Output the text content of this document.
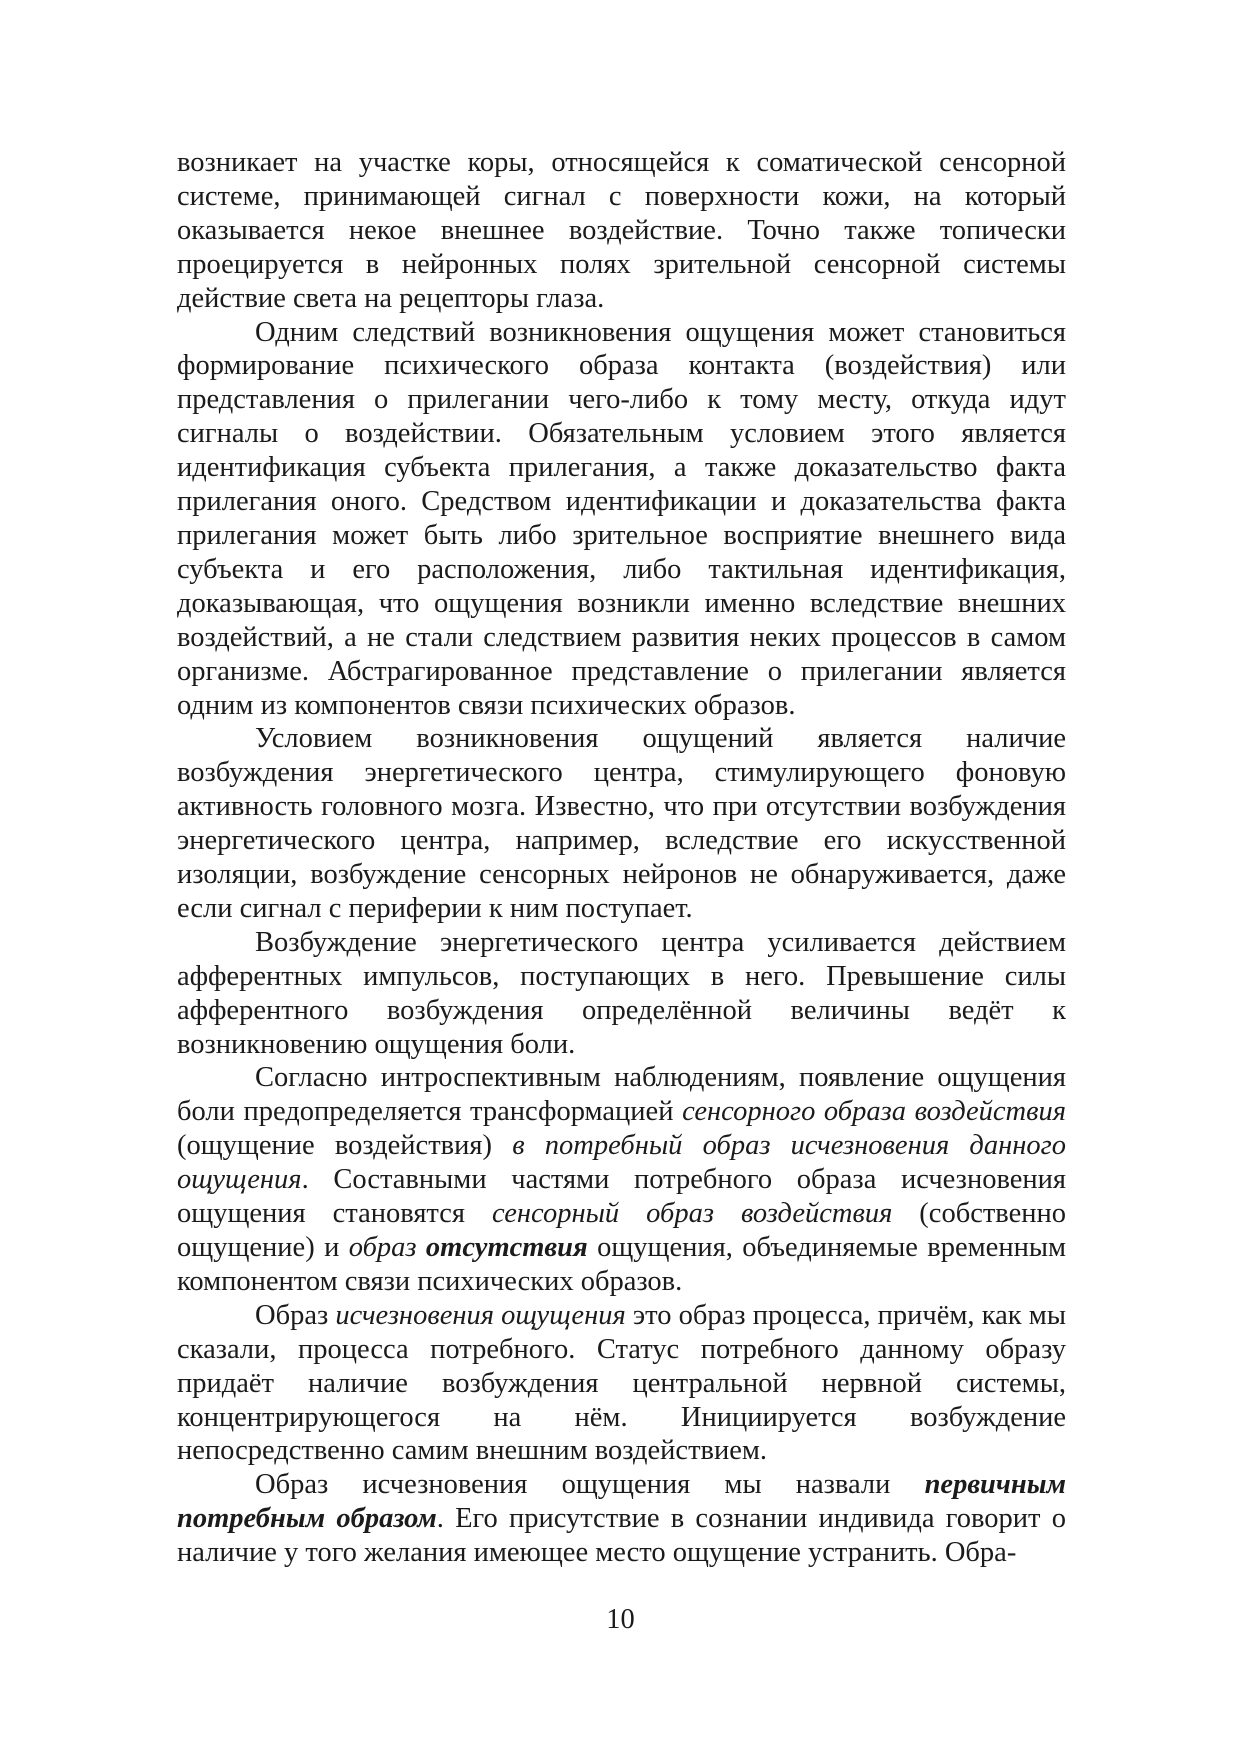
возникает на участке коры, относящейся к соматической сенсорной системе, принимающей сигнал с поверхности кожи, на который оказывается некое внешнее воздействие. Точно также топически проецируется в нейронных полях зрительной сенсорной системы действие света на рецепторы глаза.

Одним следствий возникновения ощущения может становиться формирование психического образа контакта (воздействия) или представления о прилегании чего-либо к тому месту, откуда идут сигналы о воздействии. Обязательным условием этого является идентификация субъекта прилегания, а также доказательство факта прилегания оного. Средством идентификации и доказательства факта прилегания может быть либо зрительное восприятие внешнего вида субъекта и его расположения, либо тактильная идентификация, доказывающая, что ощущения возникли именно вследствие внешних воздействий, а не стали следствием развития неких процессов в самом организме. Абстрагированное представление о прилегании является одним из компонентов связи психических образов.

Условием возникновения ощущений является наличие возбуждения энергетического центра, стимулирующего фоновую активность головного мозга. Известно, что при отсутствии возбуждения энергетического центра, например, вследствие его искусственной изоляции, возбуждение сенсорных нейронов не обнаруживается, даже если сигнал с периферии к ним поступает.

Возбуждение энергетического центра усиливается действием афферентных импульсов, поступающих в него. Превышение силы афферентного возбуждения определённой величины ведёт к возникновению ощущения боли.

Согласно интроспективным наблюдениям, появление ощущения боли предопределяется трансформацией сенсорного образа воздействия (ощущение воздействия) в потребный образ исчезновения данного ощущения. Составными частями потребного образа исчезновения ощущения становятся сенсорный образ воздействия (собственно ощущение) и образ отсутствия ощущения, объединяемые временным компонентом связи психических образов.

Образ исчезновения ощущения это образ процесса, причём, как мы сказали, процесса потребного. Статус потребного данному образу придаёт наличие возбуждения центральной нервной системы, концентрирующегося на нём. Инициируется возбуждение непосредственно самим внешним воздействием.

Образ исчезновения ощущения мы назвали первичным потребным образом. Его присутствие в сознании индивида говорит о наличие у того желания имеющее место ощущение устранить. Обра-

10
